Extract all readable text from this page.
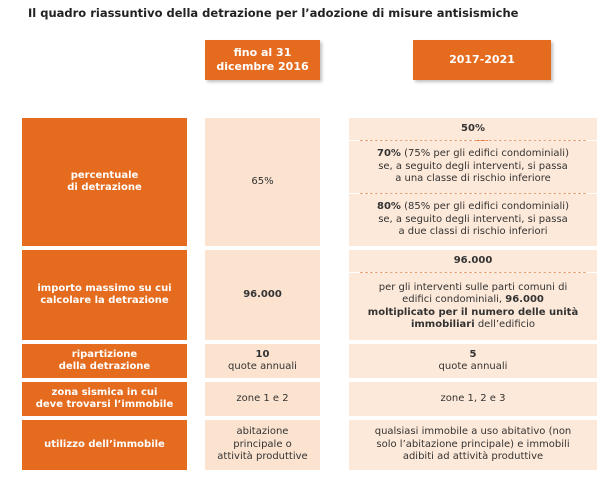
Il quadro riassuntivo della detrazione per l’adozione di misure antisismiche
fino al 31
dicembre 2016
2017-2021
percentuale
di detrazione
65%
50%
70% (75% per gli edifici condominiali)
se, a seguito degli interventi, si passa
a una classe di rischio inferiore
80% (85% per gli edifici condominiali)
se, a seguito degli interventi, si passa
a due classi di rischio inferiori
importo massimo su cui
calcolare la detrazione
96.000
96.000
per gli interventi sulle parti comuni di
edifici condominiali, 96.000
moltiplicato per il numero delle unità
immobiliari dell’edificio
ripartizione
della detrazione
10
quote annuali
5
quote annuali
zona sismica in cui
deve trovarsi l’immobile
zone 1 e 2	zone 1, 2 e 3
utilizzo dell’immobile
abitazione
principale o
attività produttive
qualsiasi immobile a uso abitativo (non
solo l’abitazione principale) e immobili
adibiti ad attività produttive
